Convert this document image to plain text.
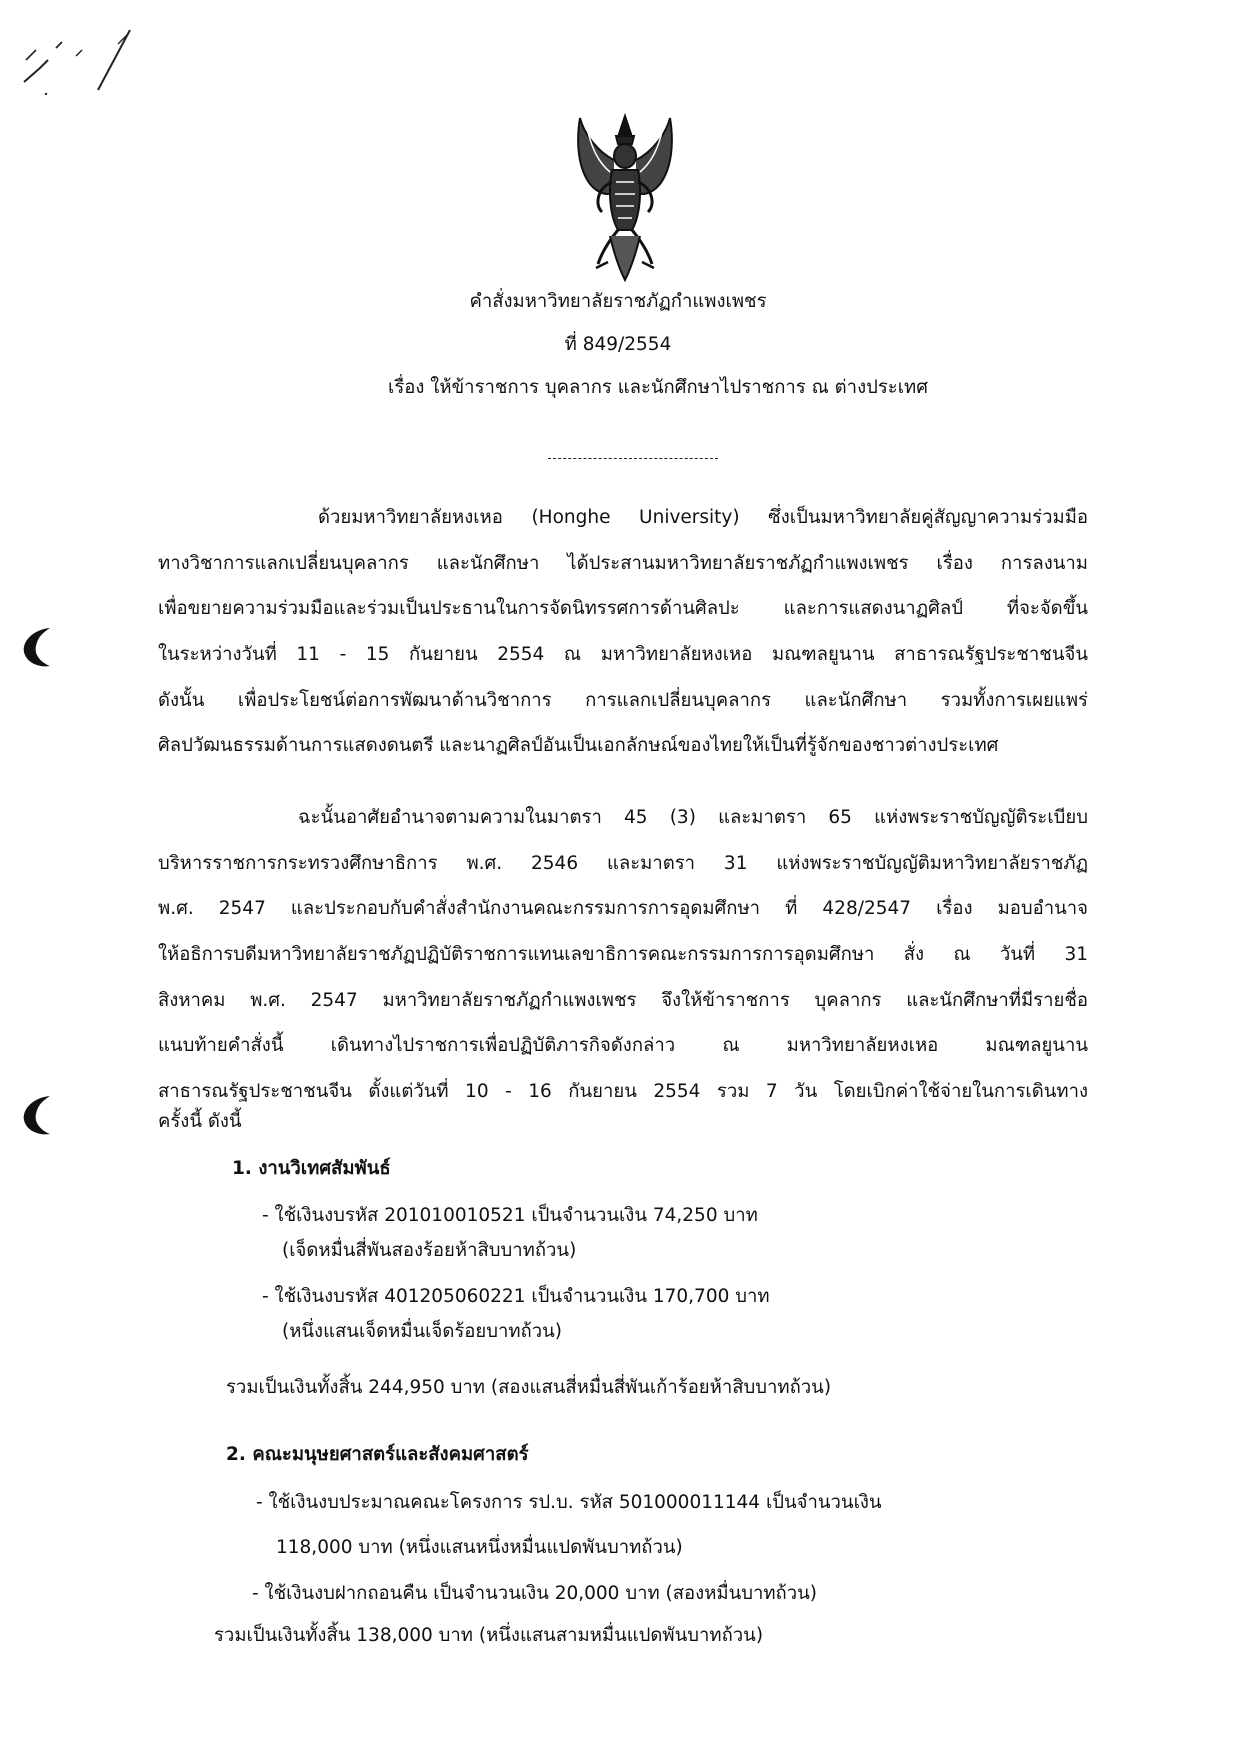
คำสั่งมหาวิทยาลัยราชภัฏกำแพงเพชร
ที่ 849/2554
เรื่อง ให้ข้าราชการ บุคลากร และนักศึกษาไปราชการ ณ ต่างประเทศ
ด้วยมหาวิทยาลัยหงเหอ (Honghe University) ซึ่งเป็นมหาวิทยาลัยคู่สัญญาความร่วมมือ
ทางวิชาการแลกเปลี่ยนบุคลากร และนักศึกษา ได้ประสานมหาวิทยาลัยราชภัฏกำแพงเพชร เรื่อง การลงนาม
เพื่อขยายความร่วมมือและร่วมเป็นประธานในการจัดนิทรรศการด้านศิลปะ และการแสดงนาฏศิลป์ ที่จะจัดขึ้น
ในระหว่างวันที่ 11 - 15 กันยายน 2554 ณ มหาวิทยาลัยหงเหอ มณฑลยูนาน สาธารณรัฐประชาชนจีน
ดังนั้น เพื่อประโยชน์ต่อการพัฒนาด้านวิชาการ การแลกเปลี่ยนบุคลากร และนักศึกษา รวมทั้งการเผยแพร่
ศิลปวัฒนธรรมด้านการแสดงดนตรี และนาฏศิลป์อันเป็นเอกลักษณ์ของไทยให้เป็นที่รู้จักของชาวต่างประเทศ
ฉะนั้นอาศัยอำนาจตามความในมาตรา 45 (3) และมาตรา 65 แห่งพระราชบัญญัติระเบียบ
บริหารราชการกระทรวงศึกษาธิการ พ.ศ. 2546 และมาตรา 31 แห่งพระราชบัญญัติมหาวิทยาลัยราชภัฏ
พ.ศ. 2547 และประกอบกับคำสั่งสำนักงานคณะกรรมการการอุดมศึกษา ที่ 428/2547 เรื่อง มอบอำนาจ
ให้อธิการบดีมหาวิทยาลัยราชภัฏปฏิบัติราชการแทนเลขาธิการคณะกรรมการการอุดมศึกษา สั่ง ณ วันที่ 31
สิงหาคม พ.ศ. 2547 มหาวิทยาลัยราชภัฏกำแพงเพชร จึงให้ข้าราชการ บุคลากร และนักศึกษาที่มีรายชื่อ
แนบท้ายคำสั่งนี้ เดินทางไปราชการเพื่อปฏิบัติภารกิจดังกล่าว ณ มหาวิทยาลัยหงเหอ มณฑลยูนาน
สาธารณรัฐประชาชนจีน ตั้งแต่วันที่ 10 - 16 กันยายน 2554 รวม 7 วัน โดยเบิกค่าใช้จ่ายในการเดินทาง
ครั้งนี้ ดังนี้
1. งานวิเทศสัมพันธ์
- ใช้เงินงบรหัส 201010010521 เป็นจำนวนเงิน 74,250 บาท
(เจ็ดหมื่นสี่พันสองร้อยห้าสิบบาทถ้วน)
- ใช้เงินงบรหัส 401205060221 เป็นจำนวนเงิน 170,700 บาท
(หนึ่งแสนเจ็ดหมื่นเจ็ดร้อยบาทถ้วน)
รวมเป็นเงินทั้งสิ้น 244,950 บาท (สองแสนสี่หมื่นสี่พันเก้าร้อยห้าสิบบาทถ้วน)
2. คณะมนุษยศาสตร์และสังคมศาสตร์
- ใช้เงินงบประมาณคณะโครงการ รป.บ. รหัส 501000011144 เป็นจำนวนเงิน
118,000 บาท (หนึ่งแสนหนึ่งหมื่นแปดพันบาทถ้วน)
- ใช้เงินงบฝากถอนคืน เป็นจำนวนเงิน 20,000 บาท (สองหมื่นบาทถ้วน)
รวมเป็นเงินทั้งสิ้น 138,000 บาท (หนึ่งแสนสามหมื่นแปดพันบาทถ้วน)
